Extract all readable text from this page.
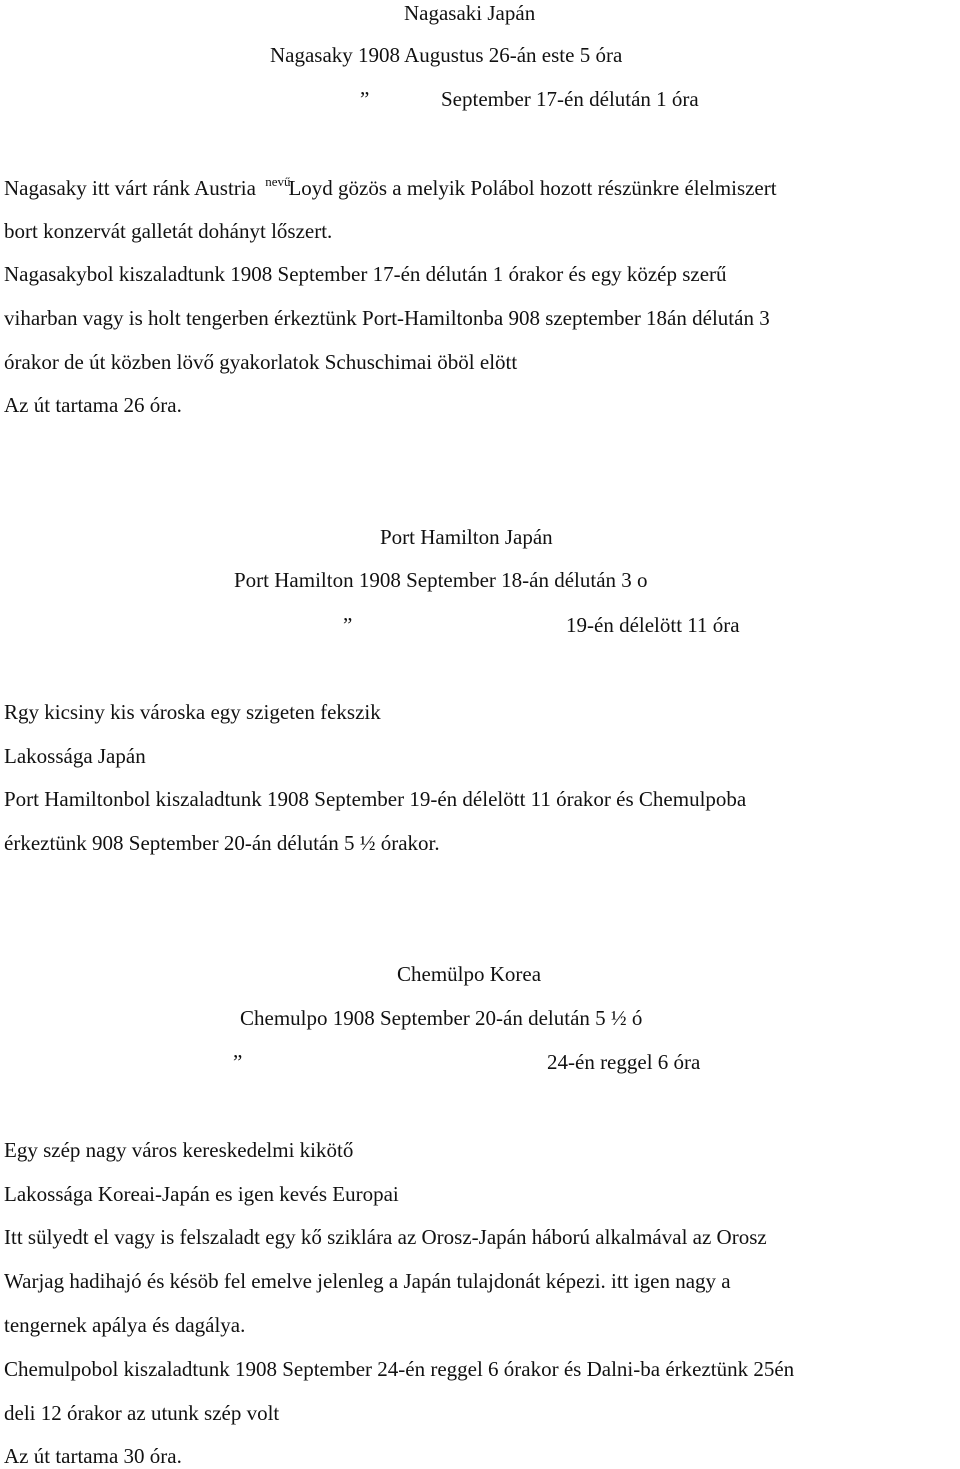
Nagasaki Japán

Nagasaky 1908 Augustus 26-án este 5 óra

”	September 17-én délután 1 óra

Nagasaky itt várt ránk Austria $^{nevű}$Loyd gözös a melyik Polábol hozott részünkre élelmiszert

bort konzervát galletát dohányt lőszert.

Nagasakybol kiszaladtunk 1908 September 17-én délután 1 órakor és egy közép szerű

viharban vagy is holt tengerben érkeztünk Port-Hamiltonba 908 szeptember 18án délután 3

órakor de út közben lövő gyakorlatok Schuschimai öböl elött

Az út tartama 26 óra.

Port Hamilton Japán

Port Hamilton 1908 September 18-án délután 3 o

”	19-én délelött 11 óra

Rgy kicsiny kis városka egy szigeten fekszik

Lakossága Japán

Port Hamiltonbol kiszaladtunk 1908 September 19-én délelött 11 órakor és Chemulpoba

érkeztünk 908 September 20-án délután 5 ½ órakor.

Chemülpo Korea

Chemulpo 1908 September 20-án delután 5 ½ ó

”	24-én reggel 6 óra

Egy szép nagy város kereskedelmi kikötő

Lakossága Koreai-Japán es igen kevés Europai

Itt sülyedt el vagy is felszaladt egy kő sziklára az Orosz-Japán háború alkalmával az Orosz

Warjag hadihajó és késöb fel emelve jelenleg a Japán tulajdonát képezi. itt igen nagy a

tengernek apálya és dagálya.

Chemulpobol kiszaladtunk 1908 September 24-én reggel 6 órakor és Dalni-ba érkeztünk 25én

deli 12 órakor az utunk szép volt

Az út tartama 30 óra.
